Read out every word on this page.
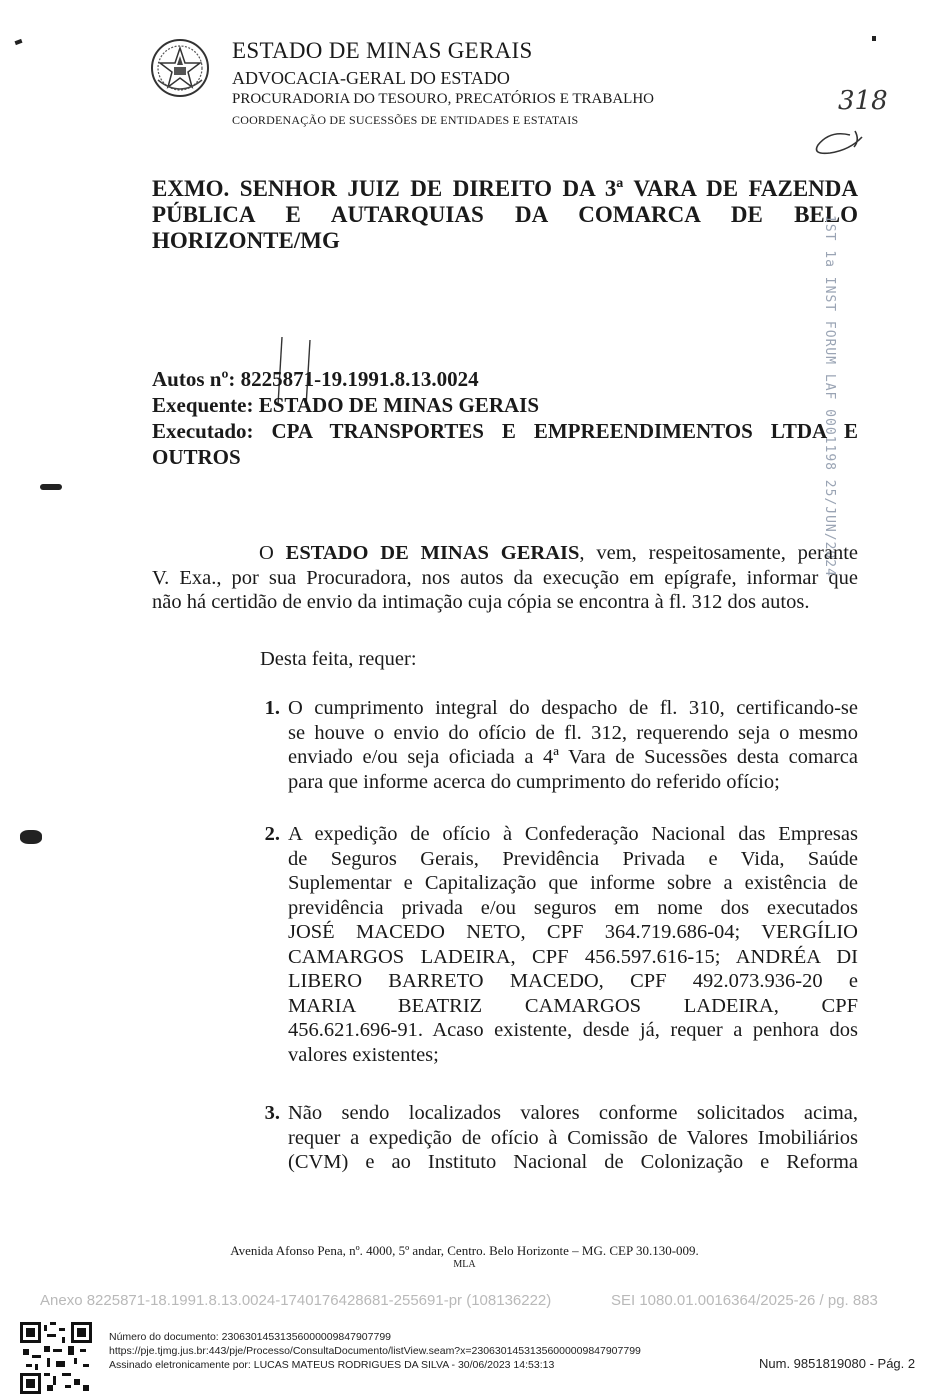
ESTADO DE MINAS GERAIS
ADVOCACIA-GERAL DO ESTADO
PROCURADORIA DO TESOURO, PRECATÓRIOS E TRABALHO
COORDENAÇÃO DE SUCESSÕES DE ENTIDADES E ESTATAIS
318
EXMO. SENHOR JUIZ DE DIREITO DA 3ª VARA DE FAZENDA
PÚBLICA E AUTARQUIAS DA COMARCA DE BELO
HORIZONTE/MG	1ST 1a INST FORUM LAF 0001198 25/JUN/2024
Autos nº: 8225871-19.1991.8.13.0024
Exequente: ESTADO DE MINAS GERAIS
Executado: CPA TRANSPORTES E EMPREENDIMENTOS LTDA E
OUTROS
O ESTADO DE MINAS GERAIS, vem, respeitosamente, perante
V. Exa., por sua Procuradora, nos autos da execução em epígrafe, informar que
não há certidão de envio da intimação cuja cópia se encontra à fl. 312 dos autos.
Desta feita, requer:
1. O cumprimento integral do despacho de fl. 310, certificando-se
se houve o envio do ofício de fl. 312, requerendo seja o mesmo
enviado e/ou seja oficiada a 4ª Vara de Sucessões desta comarca
para que informe acerca do cumprimento do referido ofício;
2. A expedição de ofício à Confederação Nacional das Empresas
de Seguros Gerais, Previdência Privada e Vida, Saúde
Suplementar e Capitalização que informe sobre a existência de
previdência privada e/ou seguros em nome dos executados
JOSÉ MACEDO NETO, CPF 364.719.686-04; VERGÍLIO
CAMARGOS LADEIRA, CPF 456.597.616-15; ANDRÉA DI
LIBERO BARRETO MACEDO, CPF 492.073.936-20 e
MARIA BEATRIZ CAMARGOS LADEIRA, CPF
456.621.696-91. Acaso existente, desde já, requer a penhora dos
valores existentes;
3. Não sendo localizados valores conforme solicitados acima,
requer a expedição de ofício à Comissão de Valores Imobiliários
(CVM) e ao Instituto Nacional de Colonização e Reforma
Avenida Afonso Pena, nº. 4000, 5º andar, Centro. Belo Horizonte – MG. CEP 30.130-009.
MLA
Anexo 8225871-18.1991.8.13.0024-1740176428681-255691-pr (108136222)	SEI 1080.01.0016364/2025-26 / pg. 883
Número do documento: 23063014531356000009847907799
https://pje.tjmg.jus.br:443/pje/Processo/ConsultaDocumento/listView.seam?x=23063014531356000009847907799
Assinado eletronicamente por: LUCAS MATEUS RODRIGUES DA SILVA - 30/06/2023 14:53:13	Num. 9851819080 - Pág. 2
